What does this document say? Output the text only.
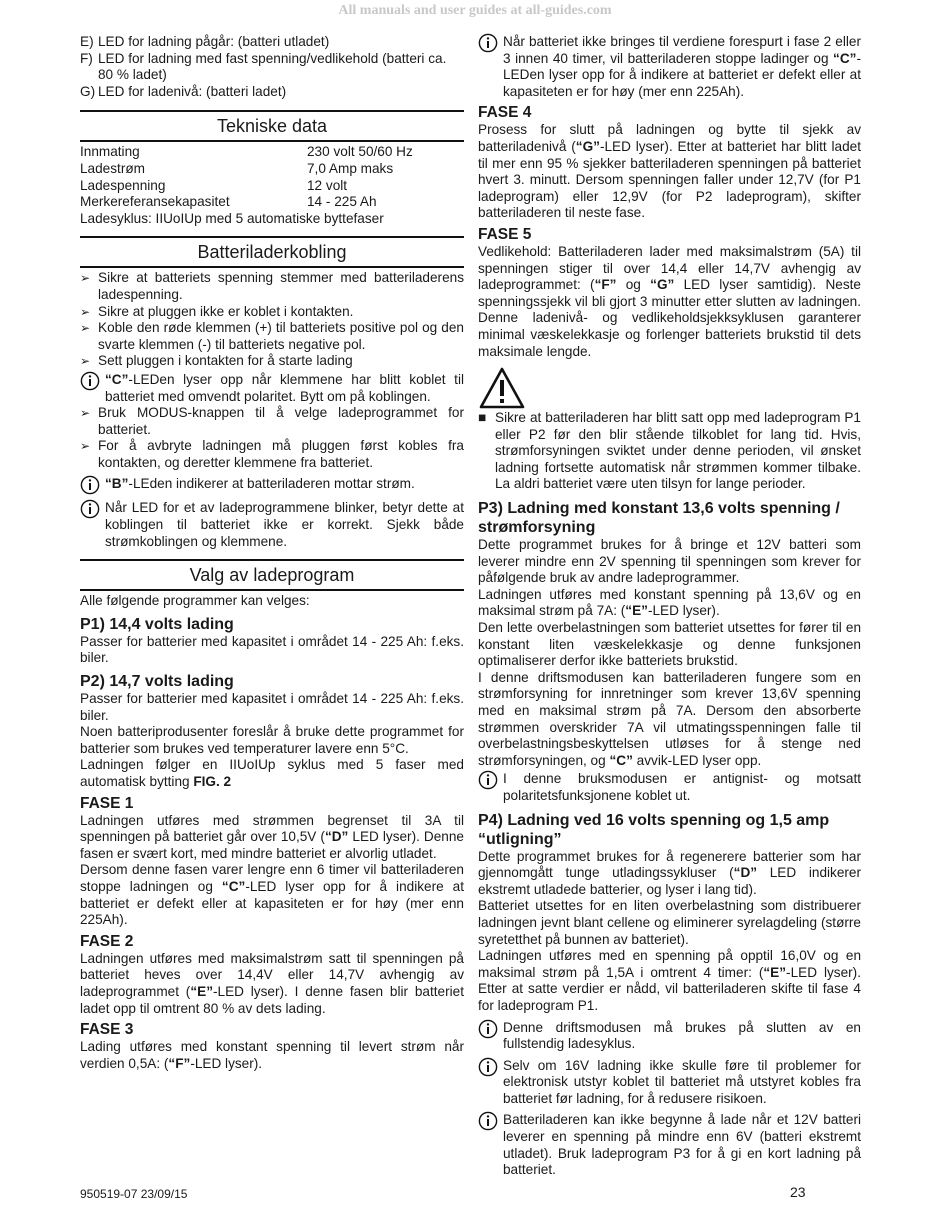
All manuals and user guides at all-guides.com
E) LED for ladning pågår: (batteri utladet)
F) LED for ladning med fast spenning/vedlikehold (batteri ca. 80 % ladet)
G) LED for ladenivå: (batteri ladet)
Tekniske data
Innmating	230 volt 50/60 Hz
Ladestrøm	7,0 Amp maks
Ladespenning	12 volt
Merkereferansekapasitet	14 - 225 Ah

Ladesyklus: IIUoIUp med 5 automatiske byttefaser

Batteriladerkobling
➢ Sikre at batteriets spenning stemmer med batteriladerens ladespenning.
➢ Sikre at pluggen ikke er koblet i kontakten.
➢ Koble den røde klemmen (+) til batteriets positive pol og den svarte klemmen (-) til batteriets negative pol.
➢ Sett pluggen i kontakten for å starte lading
“C”-LEDen lyser opp når klemmene har blitt koblet til batteriet med omvendt polaritet. Bytt om på koblingen.
➢ Bruk MODUS-knappen til å velge ladeprogrammet for batteriet.
➢ For å avbryte ladningen må pluggen først kobles fra kontakten, og deretter klemmene fra batteriet.
“B”-LEden indikerer at batteriladeren mottar strøm.
Når LED for et av ladeprogrammene blinker, betyr dette at koblingen til batteriet ikke er korrekt. Sjekk både strømkoblingen og klemmene.
Valg av ladeprogram

Alle følgende programmer kan velges:

P1) 14,4 volts lading

Passer for batterier med kapasitet i området 14 - 225 Ah: f.eks. biler.

P2) 14,7 volts lading

Passer for batterier med kapasitet i området 14 - 225 Ah: f.eks. biler.

Noen batteriprodusenter foreslår å bruke dette programmet for batterier som brukes ved temperaturer lavere enn 5°C.

Ladningen følger en IIUoIUp syklus med 5 faser med automatisk bytting FIG. 2

FASE 1

Ladningen utføres med strømmen begrenset til 3A til spenningen på batteriet går over 10,5V (“D” LED lyser). Denne fasen er svært kort, med mindre batteriet er alvorlig utladet.

Dersom denne fasen varer lengre enn 6 timer vil batteriladeren stoppe ladningen og “C”-LED lyser opp for å indikere at batteriet er defekt eller at kapasiteten er for høy (mer enn 225Ah).

FASE 2

Ladningen utføres med maksimalstrøm satt til spenningen på batteriet heves over 14,4V eller 14,7V avhengig av ladeprogrammet (“E”-LED lyser). I denne fasen blir batteriet ladet opp til omtrent 80 % av dets lading.

FASE 3

Lading utføres med konstant spenning til levert strøm når verdien 0,5A: (“F”-LED lyser).

Når batteriet ikke bringes til verdiene forespurt i fase 2 eller 3 innen 40 timer, vil batteriladeren stoppe ladinger og “C”-LEDen lyser opp for å indikere at batteriet er defekt eller at kapasiteten er for høy (mer enn 225Ah).
FASE 4

Prosess for slutt på ladningen og bytte til sjekk av batteriladenivå (“G”-LED lyser). Etter at batteriet har blitt ladet til mer enn 95 % sjekker batteriladeren spenningen på batteriet hvert 3. minutt. Dersom spenningen faller under 12,7V (for P1 ladeprogram) eller 12,9V (for P2 ladeprogram), skifter batteriladeren til neste fase.

FASE 5

Vedlikehold: Batteriladeren lader med maksimalstrøm (5A) til spenningen stiger til over 14,4 eller 14,7V avhengig av ladeprogrammet: (“F” og “G” LED lyser samtidig). Neste spenningssjekk vil bli gjort 3 minutter etter slutten av ladningen. Denne ladenivå- og vedlikeholdsjekksyklusen garanterer minimal væskelekkasje og forlenger batteriets brukstid til dets maksimale lengde.

■ Sikre at batteriladeren har blitt satt opp med ladeprogram P1 eller P2 før den blir stående tilkoblet for lang tid. Hvis, strømforsyningen sviktet under denne perioden, vil ønsket ladning fortsette automatisk når strømmen kommer tilbake. La aldri batteriet være uten tilsyn for lange perioder.
P3) Ladning med konstant 13,6 volts spenning / strømforsyning

Dette programmet brukes for å bringe et 12V batteri som leverer mindre enn 2V spenning til spenningen som krever for påfølgende bruk av andre ladeprogrammer.

Ladningen utføres med konstant spenning på 13,6V og en maksimal strøm på 7A: (“E”-LED lyser).

Den lette overbelastningen som batteriet utsettes for fører til en konstant liten væskelekkasje og denne funksjonen optimaliserer derfor ikke batteriets brukstid.

I denne driftsmodusen kan batteriladeren fungere som en strømforsyning for innretninger som krever 13,6V spenning med en maksimal strøm på 7A. Dersom den absorberte strømmen overskrider 7A vil utmatingsspenningen falle til overbelastningsbeskyttelsen utløses for å stenge ned strømforsyningen, og “C” avvik-LED lyser opp.

I denne bruksmodusen er antignist- og motsatt polaritetsfunksjonene koblet ut.
P4) Ladning ved 16 volts spenning og 1,5 amp “utligning”

Dette programmet brukes for å regenerere batterier som har gjennomgått tunge utladingssykluser (“D” LED indikerer ekstremt utladede batterier, og lyser i lang tid).

Batteriet utsettes for en liten overbelastning som distribuerer ladningen jevnt blant cellene og eliminerer syrelagdeling (større syretetthet på bunnen av batteriet).

Ladningen utføres med en spenning på opptil 16,0V og en maksimal strøm på 1,5A i omtrent 4 timer: (“E”-LED lyser). Etter at satte verdier er nådd, vil batteriladeren skifte til fase 4 for ladeprogram P1.

Denne driftsmodusen må brukes på slutten av en fullstendig ladesyklus.
Selv om 16V ladning ikke skulle føre til problemer for elektronisk utstyr koblet til batteriet må utstyret kobles fra batteriet før ladning, for å redusere risikoen.
Batteriladeren kan ikke begynne å lade når et 12V batteri leverer en spenning på mindre enn 6V (batteri ekstremt utladet). Bruk ladeprogram P3 for å gi en kort ladning på batteriet.
950519-07 23/09/15	23
